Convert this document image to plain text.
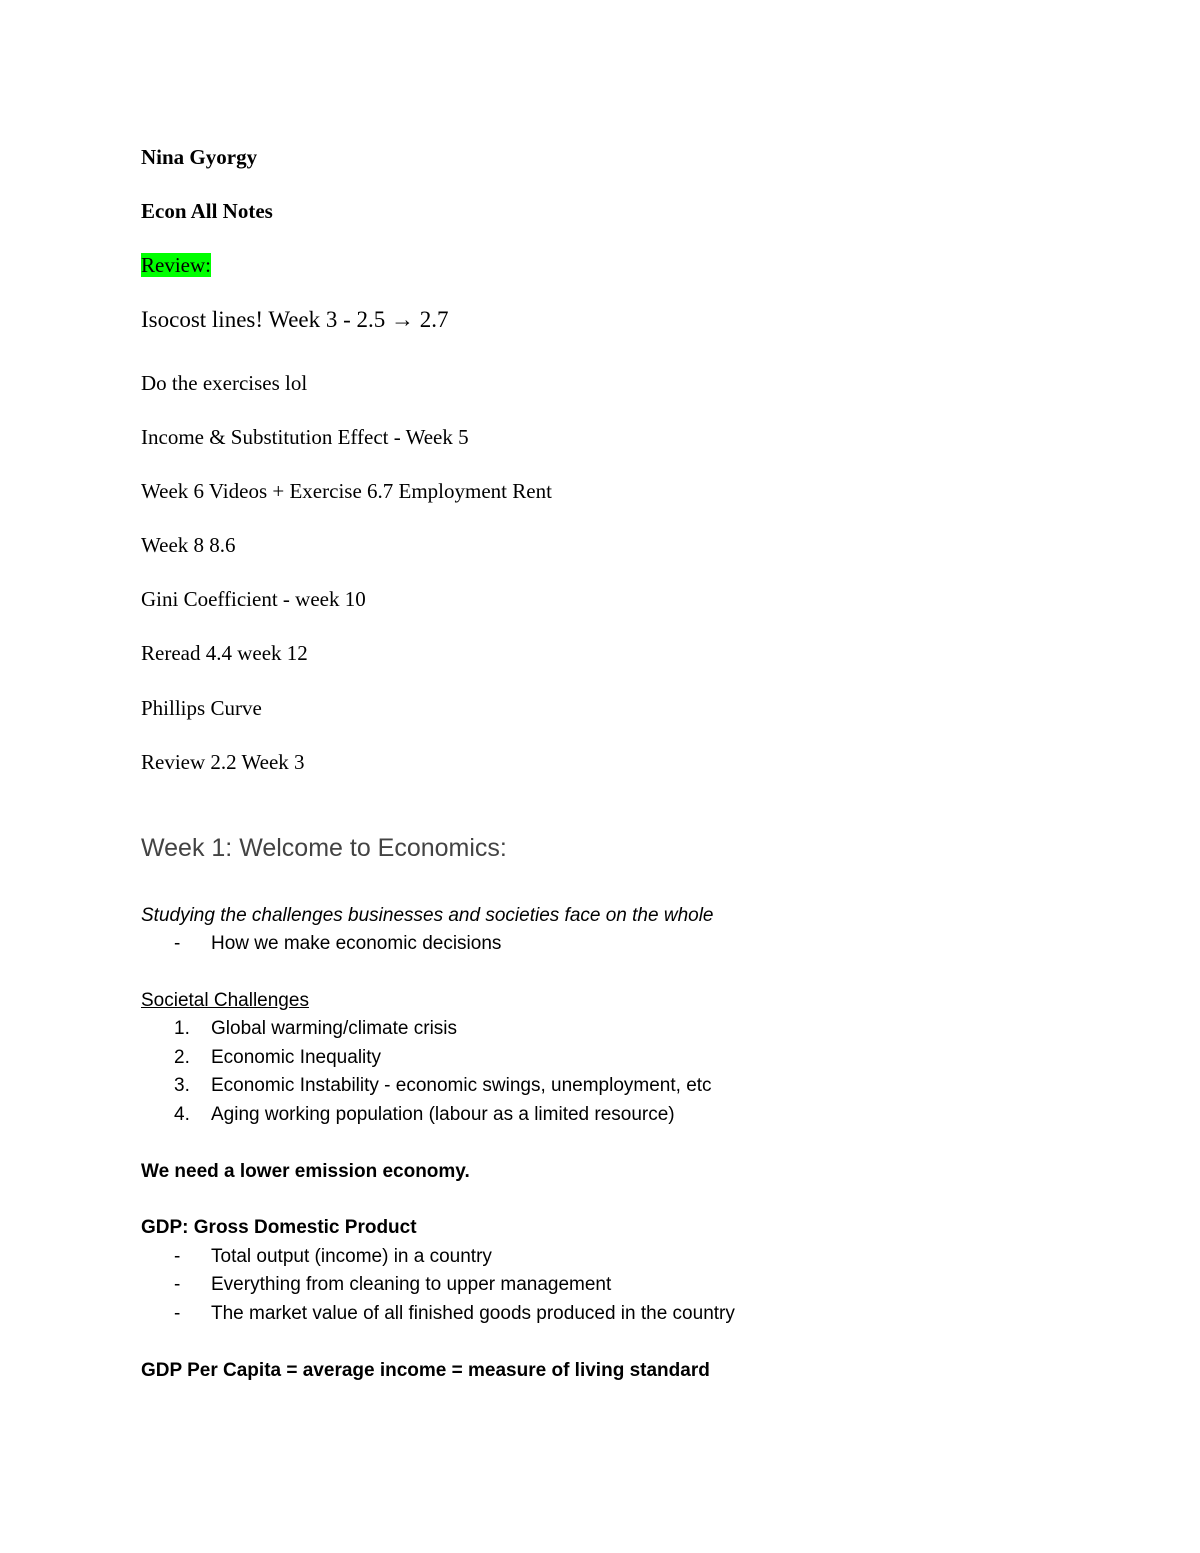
Nina Gyorgy
Econ All Notes
Review:
Isocost lines! Week 3 - 2.5 → 2.7
Do the exercises lol
Income & Substitution Effect - Week 5
Week 6 Videos + Exercise 6.7 Employment Rent
Week 8 8.6
Gini Coefficient - week 10
Reread 4.4 week 12
Phillips Curve
Review 2.2 Week 3
Week 1: Welcome to Economics:
Studying the challenges businesses and societies face on the whole
- How we make economic decisions
Societal Challenges
1. Global warming/climate crisis
2. Economic Inequality
3. Economic Instability - economic swings, unemployment, etc
4. Aging working population (labour as a limited resource)
We need a lower emission economy.
GDP: Gross Domestic Product
- Total output (income) in a country
- Everything from cleaning to upper management
- The market value of all finished goods produced in the country
GDP Per Capita = average income = measure of living standard
